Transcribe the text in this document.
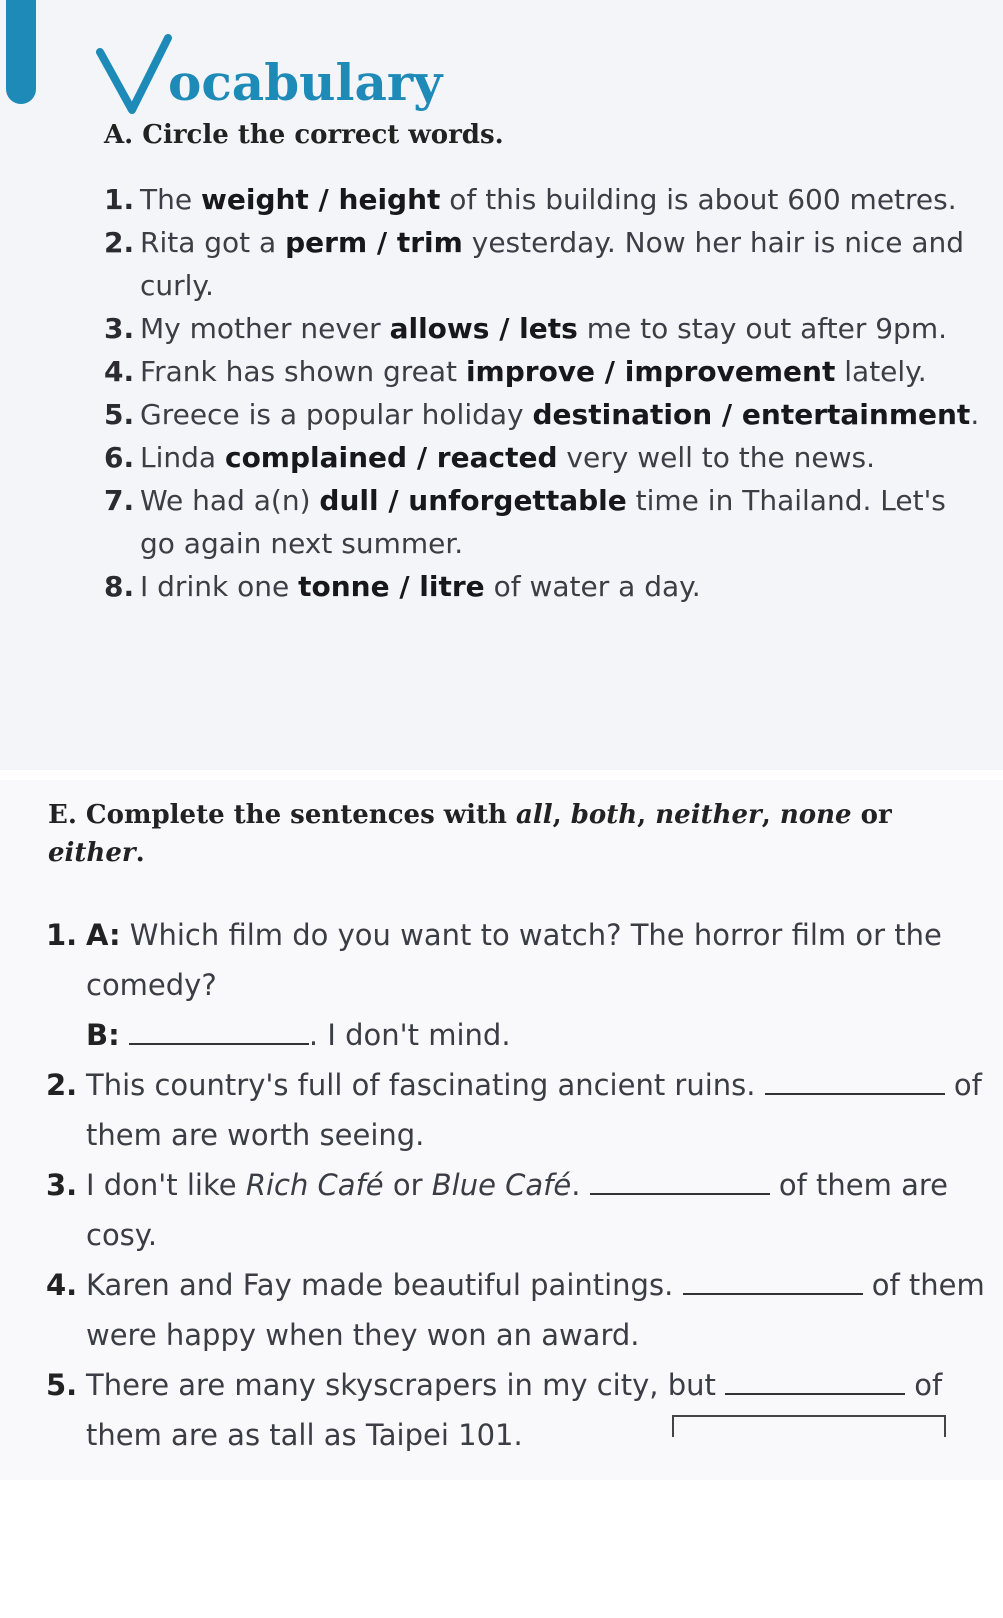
ocabulary
A. Circle the correct words.
1. The weight / height of this building is about 600 metres.
2. Rita got a perm / trim yesterday. Now her hair is nice and curly.
3. My mother never allows / lets me to stay out after 9pm.
4. Frank has shown great improve / improvement lately.
5. Greece is a popular holiday destination / entertainment.
6. Linda complained / reacted very well to the news.
7. We had a(n) dull / unforgettable time in Thailand. Let's go again next summer.
8. I drink one tonne / litre of water a day.
E. Complete the sentences with all, both, neither, none or either.
1. A: Which film do you want to watch? The horror film or the comedy?
B:	. I don't mind.
2. This country's full of fascinating ancient ruins.	of them are worth seeing.
3. I don't like Rich Café or Blue Café.	of them are cosy.
4. Karen and Fay made beautiful paintings.	of them were happy when they won an award.
5. There are many skyscrapers in my city, but	of them are as tall as Taipei 101.
